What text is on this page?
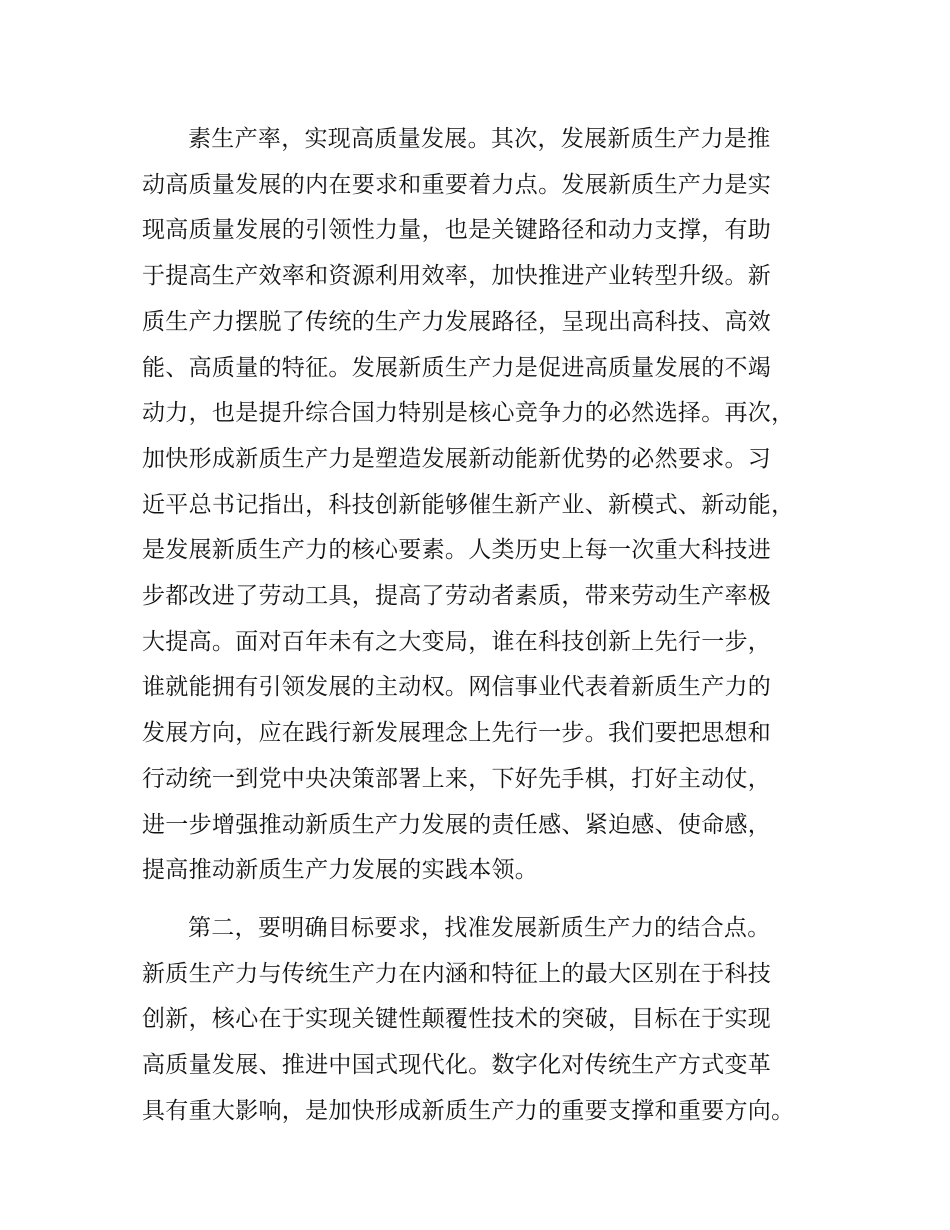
素生产率，实现高质量发展。其次，发展新质生产力是推
动高质量发展的内在要求和重要着力点。发展新质生产力是实
现高质量发展的引领性力量，也是关键路径和动力支撑，有助
于提高生产效率和资源利用效率，加快推进产业转型升级。新
质生产力摆脱了传统的生产力发展路径，呈现出高科技、高效
能、高质量的特征。发展新质生产力是促进高质量发展的不竭
动力，也是提升综合国力特别是核心竞争力的必然选择。再次，
加快形成新质生产力是塑造发展新动能新优势的必然要求。习
近平总书记指出，科技创新能够催生新产业、新模式、新动能，
是发展新质生产力的核心要素。人类历史上每一次重大科技进
步都改进了劳动工具，提高了劳动者素质，带来劳动生产率极
大提高。面对百年未有之大变局，谁在科技创新上先行一步，
谁就能拥有引领发展的主动权。网信事业代表着新质生产力的
发展方向，应在践行新发展理念上先行一步。我们要把思想和
行动统一到党中央决策部署上来，下好先手棋，打好主动仗，
进一步增强推动新质生产力发展的责任感、紧迫感、使命感，
提高推动新质生产力发展的实践本领。

第二，要明确目标要求，找准发展新质生产力的结合点。
新质生产力与传统生产力在内涵和特征上的最大区别在于科技
创新，核心在于实现关键性颠覆性技术的突破，目标在于实现
高质量发展、推进中国式现代化。数字化对传统生产方式变革
具有重大影响，是加快形成新质生产力的重要支撑和重要方向。
